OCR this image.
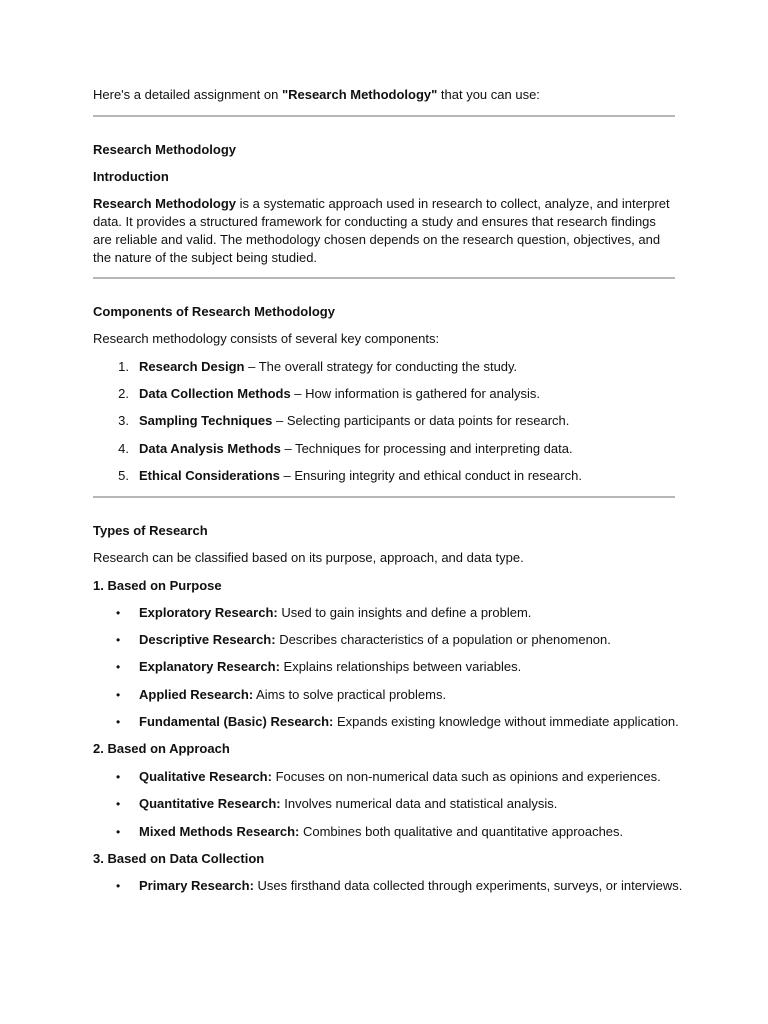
Here's a detailed assignment on "Research Methodology" that you can use:
Research Methodology
Introduction
Research Methodology is a systematic approach used in research to collect, analyze, and interpret data. It provides a structured framework for conducting a study and ensures that research findings are reliable and valid. The methodology chosen depends on the research question, objectives, and the nature of the subject being studied.
Components of Research Methodology
Research methodology consists of several key components:
1. Research Design – The overall strategy for conducting the study.
2. Data Collection Methods – How information is gathered for analysis.
3. Sampling Techniques – Selecting participants or data points for research.
4. Data Analysis Methods – Techniques for processing and interpreting data.
5. Ethical Considerations – Ensuring integrity and ethical conduct in research.
Types of Research
Research can be classified based on its purpose, approach, and data type.
1. Based on Purpose
• Exploratory Research: Used to gain insights and define a problem.
• Descriptive Research: Describes characteristics of a population or phenomenon.
• Explanatory Research: Explains relationships between variables.
• Applied Research: Aims to solve practical problems.
• Fundamental (Basic) Research: Expands existing knowledge without immediate application.
2. Based on Approach
• Qualitative Research: Focuses on non-numerical data such as opinions and experiences.
• Quantitative Research: Involves numerical data and statistical analysis.
• Mixed Methods Research: Combines both qualitative and quantitative approaches.
3. Based on Data Collection
• Primary Research: Uses firsthand data collected through experiments, surveys, or interviews.
